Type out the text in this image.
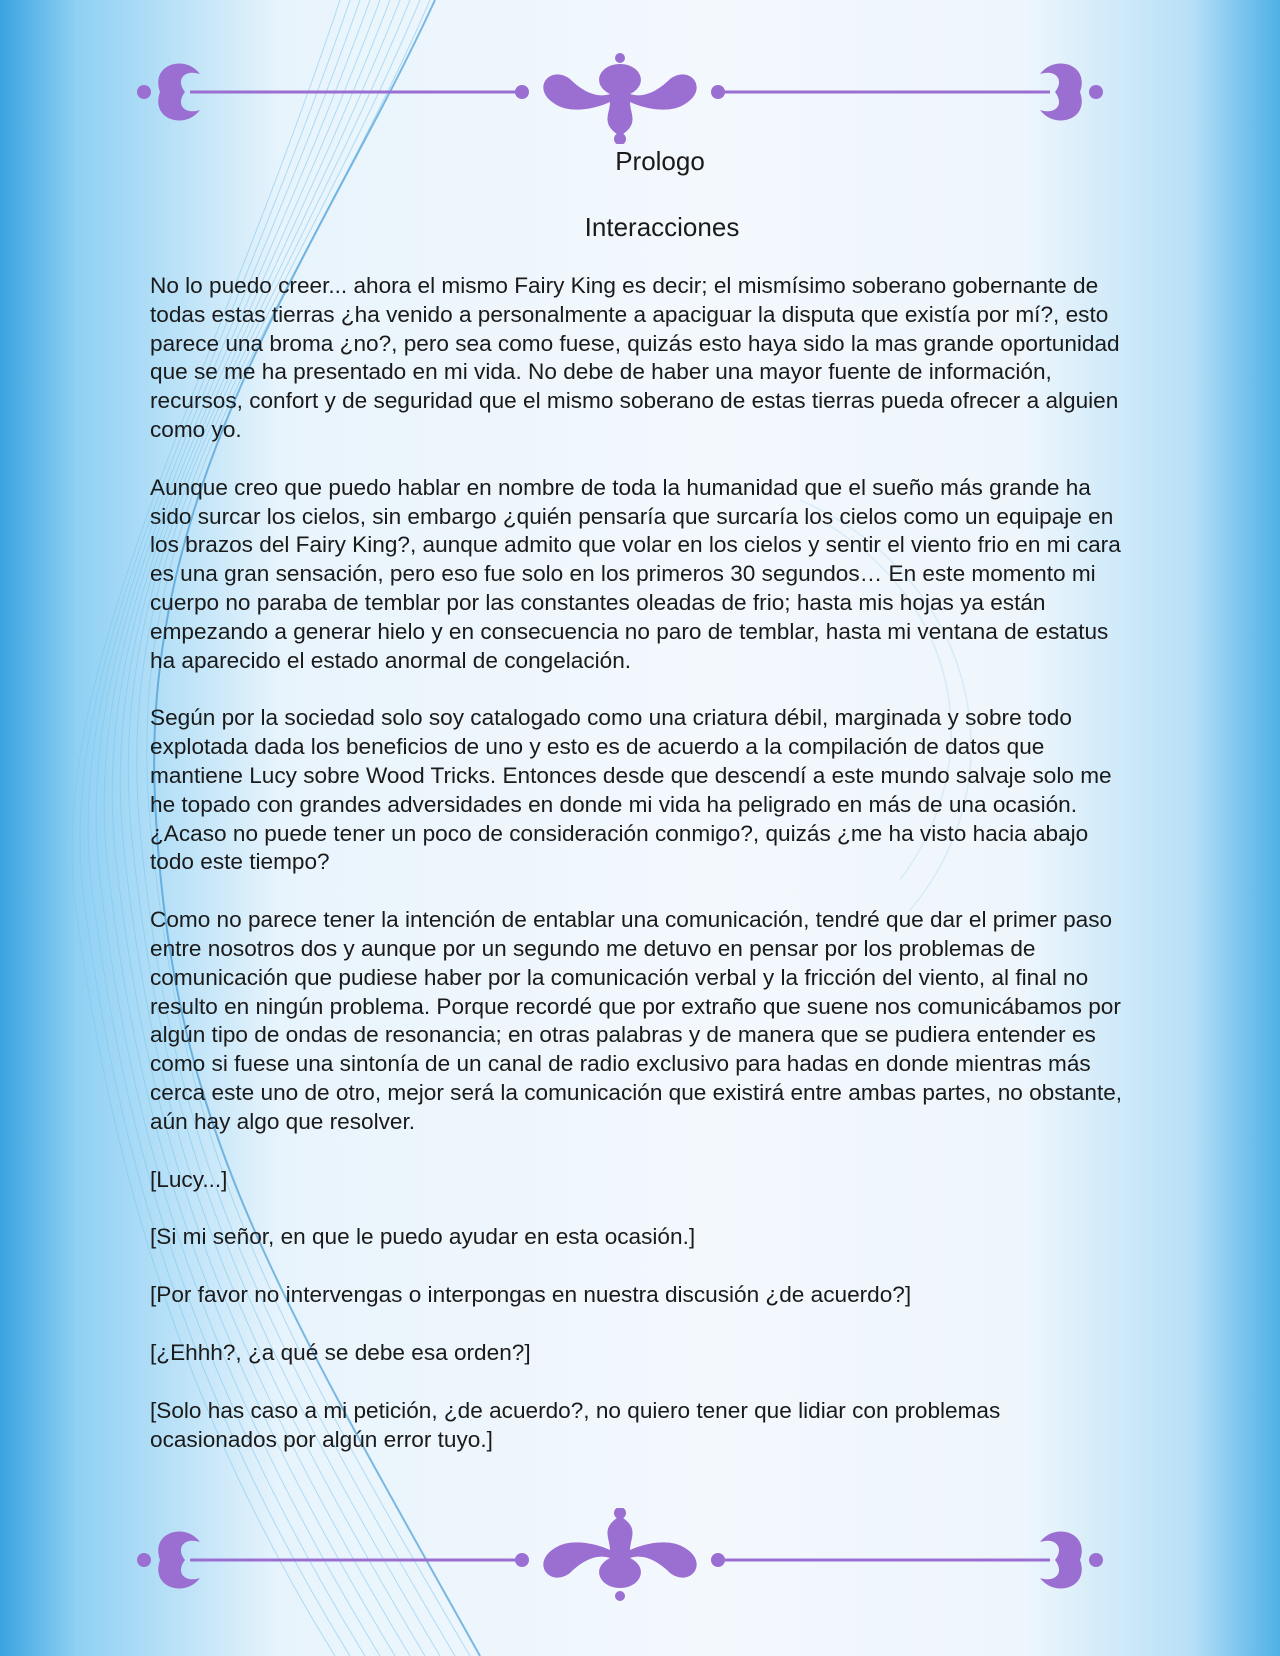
Prologo
Interacciones

No lo puedo creer... ahora el mismo Fairy King es decir; el mismísimo soberano gobernante de todas estas tierras ¿ha venido a personalmente a apaciguar la disputa que existía por mí?, esto parece una broma ¿no?, pero sea como fuese, quizás esto haya sido la mas grande oportunidad que se me ha presentado en mi vida. No debe de haber una mayor fuente de información, recursos, confort y de seguridad que el mismo soberano de estas tierras pueda ofrecer a alguien como yo.

Aunque creo que puedo hablar en nombre de toda la humanidad que el sueño más grande ha sido surcar los cielos, sin embargo ¿quién pensaría que surcaría los cielos como un equipaje en los brazos del Fairy King?, aunque admito que volar en los cielos y sentir el viento frio en mi cara es una gran sensación, pero eso fue solo en los primeros 30 segundos… En este momento mi cuerpo no paraba de temblar por las constantes oleadas de frio; hasta mis hojas ya están empezando a generar hielo y en consecuencia no paro de temblar, hasta mi ventana de estatus ha aparecido el estado anormal de congelación.

Según por la sociedad solo soy catalogado como una criatura débil, marginada y sobre todo explotada dada los beneficios de uno y esto es de acuerdo a la compilación de datos que mantiene Lucy sobre Wood Tricks. Entonces desde que descendí a este mundo salvaje solo me he topado con grandes adversidades en donde mi vida ha peligrado en más de una ocasión. ¿Acaso no puede tener un poco de consideración conmigo?, quizás ¿me ha visto hacia abajo todo este tiempo?

Como no parece tener la intención de entablar una comunicación, tendré que dar el primer paso entre nosotros dos y aunque por un segundo me detuvo en pensar por los problemas de comunicación que pudiese haber por la comunicación verbal y la fricción del viento, al final no resulto en ningún problema. Porque recordé que por extraño que suene nos comunicábamos por algún tipo de ondas de resonancia; en otras palabras y de manera que se pudiera entender es como si fuese una sintonía de un canal de radio exclusivo para hadas en donde mientras más cerca este uno de otro, mejor será la comunicación que existirá entre ambas partes, no obstante, aún hay algo que resolver.

[Lucy...]

[Si mi señor, en que le puedo ayudar en esta ocasión.]

[Por favor no intervengas o interpongas en nuestra discusión ¿de acuerdo?]

[¿Ehhh?, ¿a qué se debe esa orden?]

[Solo has caso a mi petición, ¿de acuerdo?, no quiero tener que lidiar con problemas ocasionados por algún error tuyo.]
